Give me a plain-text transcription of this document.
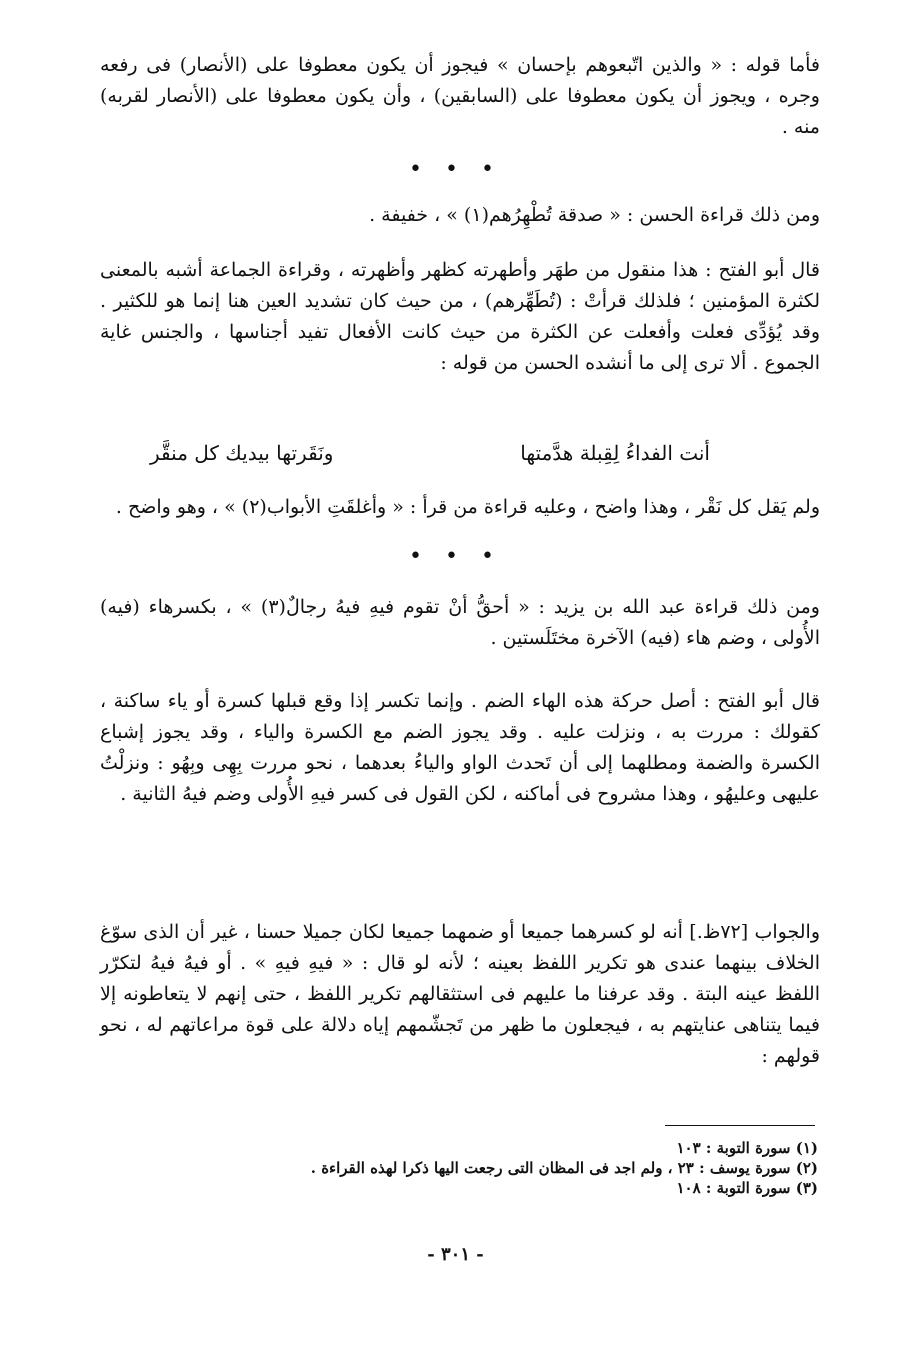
فأما قوله : « والذين اتّبعوهم بإحسان » فيجوز أن يكون معطوفا على (الأنصار) فى رفعه وجره ، ويجوز أن يكون معطوفا على (السابقين) ، وأن يكون معطوفا على (الأنصار لقربه) منه .

• • •

ومن ذلك قراءة الحسن : « صدقة تُطْهِرُهم(١) » ، خفيفة .

قال أبو الفتح : هذا منقول من طهَر وأطهرته كظهر وأظهرته ، وقراءة الجماعة أشبه بالمعنى لكثرة المؤمنين ؛ فلذلك قرأتْ : (تُطَهِّرهم) ، من حيث كان تشديد العين هنا إنما هو للكثير . وقد يُؤدِّى فعلت وأفعلت عن الكثرة من حيث كانت الأفعال تفيد أجناسها ، والجنس غاية الجموع . ألا ترى إلى ما أنشده الحسن من قوله :

أنت الفداءُ لِقِبلة هدَّمتها
ونَقَرتها بيديك كل منقَّر

ولم يَقل كل نَقْر ، وهذا واضح ، وعليه قراءة من قرأ : « وأغلقَتِ الأبواب(٢) » ، وهو واضح .

• • •

ومن ذلك قراءة عبد الله بن يزيد : « أحقُّ أنْ تقوم فيهِ فيهُ رجالٌ(٣) » ، بكسرهاء (فيه) الأُولى ، وضم هاء (فيه) الآخرة مختَلَستين .

قال أبو الفتح : أصل حركة هذه الهاء الضم . وإنما تكسر إذا وقع قبلها كسرة أو ياء ساكنة ، كقولك : مررت به ، ونزلت عليه . وقد يجوز الضم مع الكسرة والياء ، وقد يجوز إشباع الكسرة والضمة ومطلهما إلى أن تَحدث الواو والياءُ بعدهما ، نحو مررت بِهِى وبِهُو : ونزلْتُ عليهى وعليهُو ، وهذا مشروح فى أماكنه ، لكن القول فى كسر فيهِ الأُولى وضم فيهُ الثانية .

والجواب [٧٢ظ.] أنه لو كسرهما جميعا أو ضمهما جميعا لكان جميلا حسنا ، غير أن الذى سوّغ الخلاف بينهما عندى هو تكرير اللفظ بعينه ؛ لأنه لو قال : « فيهِ فيهِ » . أو فيهُ فيهُ لتكرّر اللفظ عينه البتة . وقد عرفنا ما عليهم فى استثقالهم تكرير اللفظ ، حتى إنهم لا يتعاطونه إلا فيما يتناهى عنايتهم به ، فيجعلون ما ظهر من تَجشّمهم إياه دلالة على قوة مراعاتهم له ، نحو قولهم :

(١) سورة التوبة : ١٠٣
(٢) سورة يوسف : ٢٣ ، ولم اجد فى المظان التى رجعت اليها ذكرا لهذه القراءة .
(٣) سورة التوبة : ١٠٨
- ٣٠١ -
